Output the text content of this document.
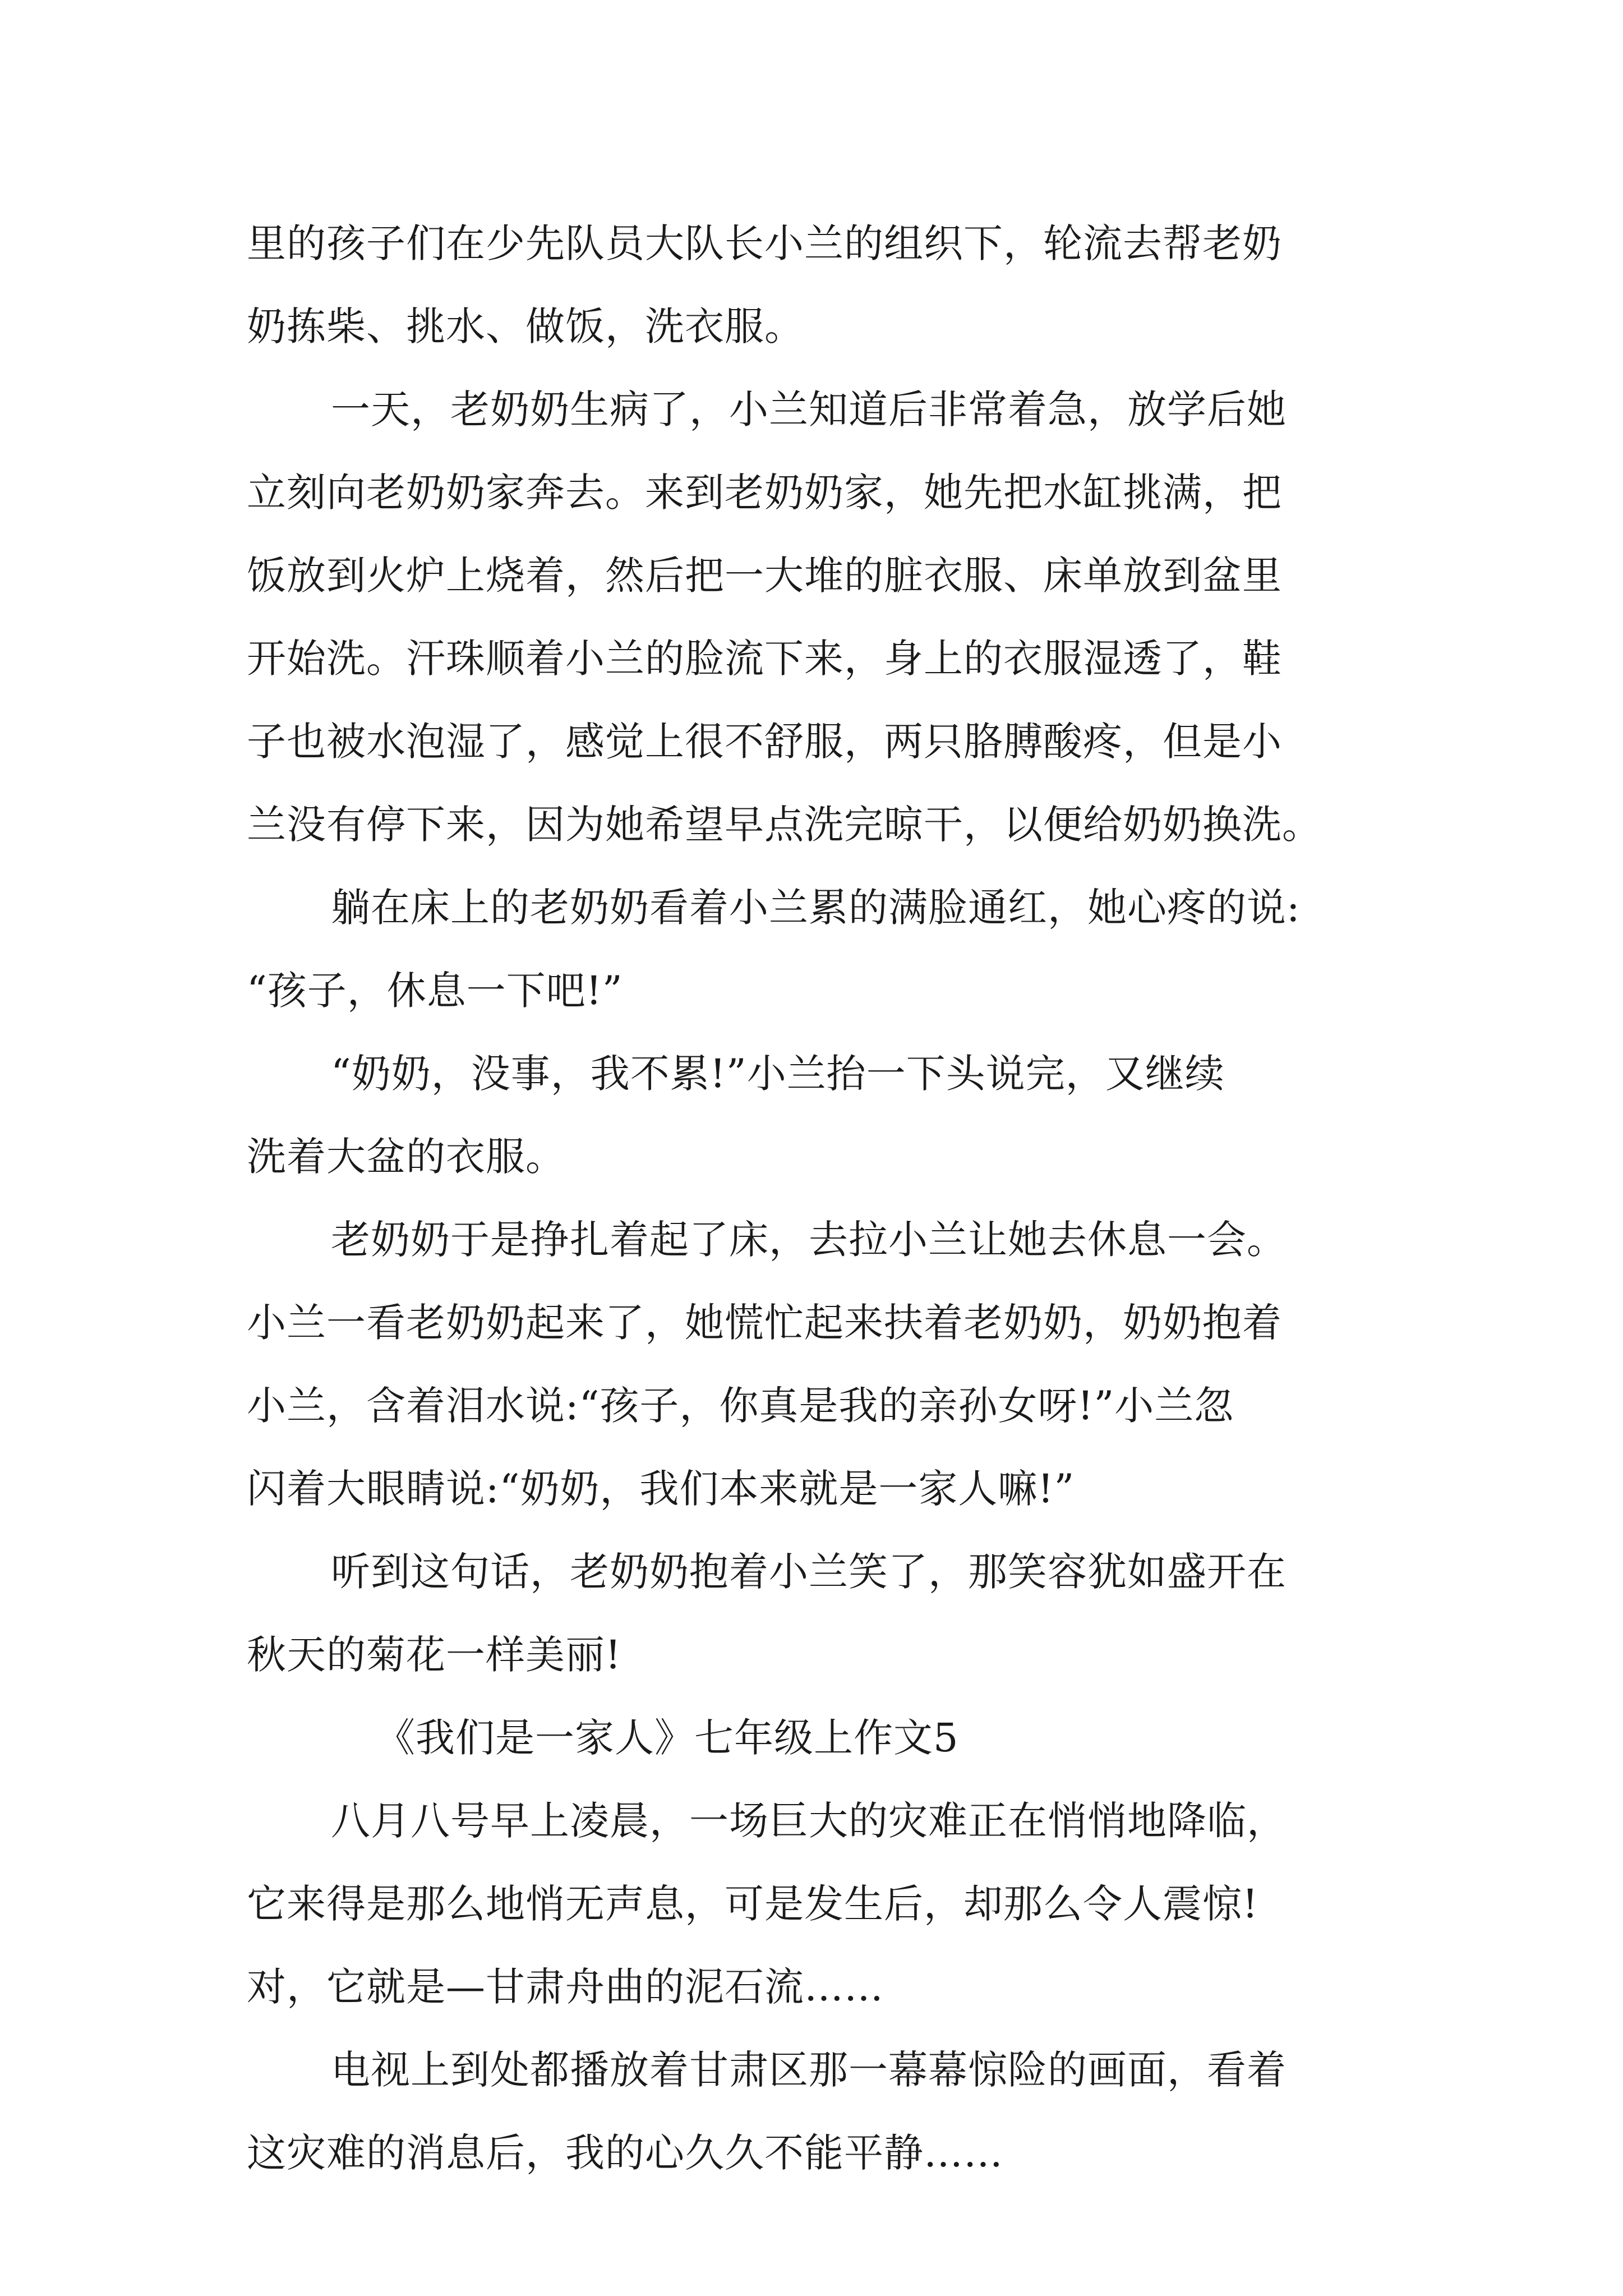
里的孩子们在少先队员大队长小兰的组织下，轮流去帮老奶
奶拣柴、挑水、做饭，洗衣服。
一天，老奶奶生病了，小兰知道后非常着急，放学后她
立刻向老奶奶家奔去。来到老奶奶家，她先把水缸挑满，把
饭放到火炉上烧着，然后把一大堆的脏衣服、床单放到盆里
开始洗。汗珠顺着小兰的脸流下来，身上的衣服湿透了，鞋
子也被水泡湿了，感觉上很不舒服，两只胳膊酸疼，但是小
兰没有停下来，因为她希望早点洗完晾干，以便给奶奶换洗。
躺在床上的老奶奶看着小兰累的满脸通红，她心疼的说:
“孩子，休息一下吧!”
“奶奶，没事，我不累!”小兰抬一下头说完，又继续
洗着大盆的衣服。
老奶奶于是挣扎着起了床，去拉小兰让她去休息一会。
小兰一看老奶奶起来了，她慌忙起来扶着老奶奶，奶奶抱着
小兰，含着泪水说:“孩子，你真是我的亲孙女呀!”小兰忽
闪着大眼睛说:“奶奶，我们本来就是一家人嘛!”
听到这句话，老奶奶抱着小兰笑了，那笑容犹如盛开在
秋天的菊花一样美丽!
《我们是一家人》七年级上作文5
八月八号早上凌晨，一场巨大的灾难正在悄悄地降临，
它来得是那么地悄无声息，可是发生后，却那么令人震惊!
对，它就是—甘肃舟曲的泥石流……
电视上到处都播放着甘肃区那一幕幕惊险的画面，看着
这灾难的消息后，我的心久久不能平静……
